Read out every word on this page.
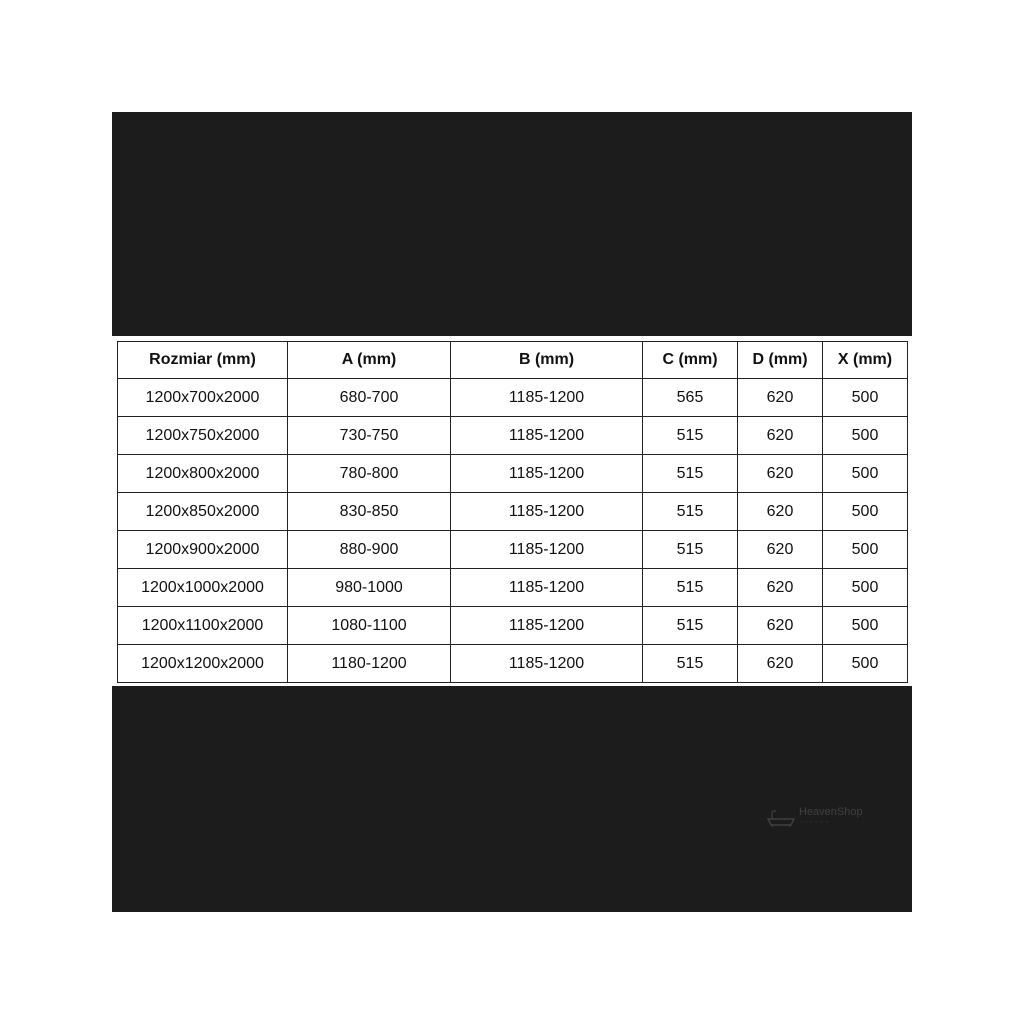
Rozmiar (mm)	A (mm)	B (mm)	C (mm)	D (mm)	X (mm)
1200x700x2000	680-700	1185-1200	565	620	500
1200x750x2000	730-750	1185-1200	515	620	500
1200x800x2000	780-800	1185-1200	515	620	500
1200x850x2000	830-850	1185-1200	515	620	500
1200x900x2000	880-900	1185-1200	515	620	500
1200x1000x2000	980-1000	1185-1200	515	620	500
1200x1100x2000	1080-1100	1185-1200	515	620	500
1200x1200x2000	1180-1200	1185-1200	515	620	500
HeavenShop
~ ~ ~ ~ ~ ~
